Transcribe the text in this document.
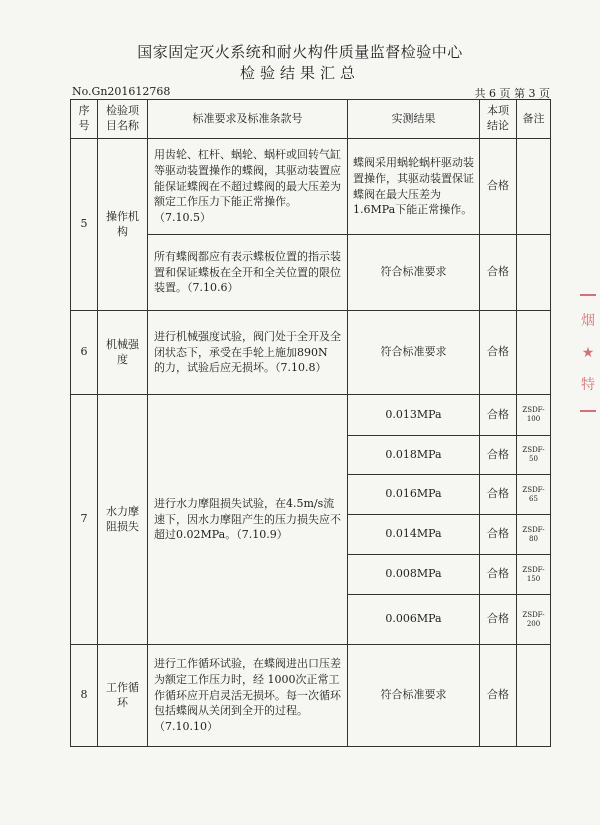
国家固定灭火系统和耐火构件质量监督检验中心
检验结果汇总
No.Gn201612768	共 6 页 第 3 页
序号	检验项目名称	标准要求及标准条款号	实测结果	本项结论	备注
5	操作机构	用齿轮、杠杆、蜗轮、蜗杆或回转气缸等驱动装置操作的蝶阀，其驱动装置应能保证蝶阀在不超过蝶阀的最大压差为额定工作压力下能正常操作。（7.10.5）	蝶阀采用蜗轮蜗杆驱动装置操作，其驱动装置保证蝶阀在最大压差为1.6MPa下能正常操作。	合格	
		所有蝶阀都应有表示蝶板位置的指示装置和保证蝶板在全开和全关位置的限位装置。（7.10.6）	符合标准要求	合格	
6	机械强度	进行机械强度试验，阀门处于全开及全闭状态下，承受在手轮上施加890N 的力，试验后应无损坏。（7.10.8）	符合标准要求	合格	
7	水力摩阻损失	进行水力摩阻损失试验，在4.5m/s流速下，因水力摩阻产生的压力损失应不超过0.02MPa。（7.10.9）	0.013MPa	合格	ZSDF-100
			0.018MPa	合格	ZSDF-50
			0.016MPa	合格	ZSDF-65
			0.014MPa	合格	ZSDF-80
			0.008MPa	合格	ZSDF-150
			0.006MPa	合格	ZSDF-200
8	工作循环	进行工作循环试验，在蝶阀进出口压差为额定工作压力时，经 1000次正常工作循环应开启灵活无损坏。每一次循环包括蝶阀从关闭到全开的过程。（7.10.10）	符合标准要求	合格	
烟
★
特
